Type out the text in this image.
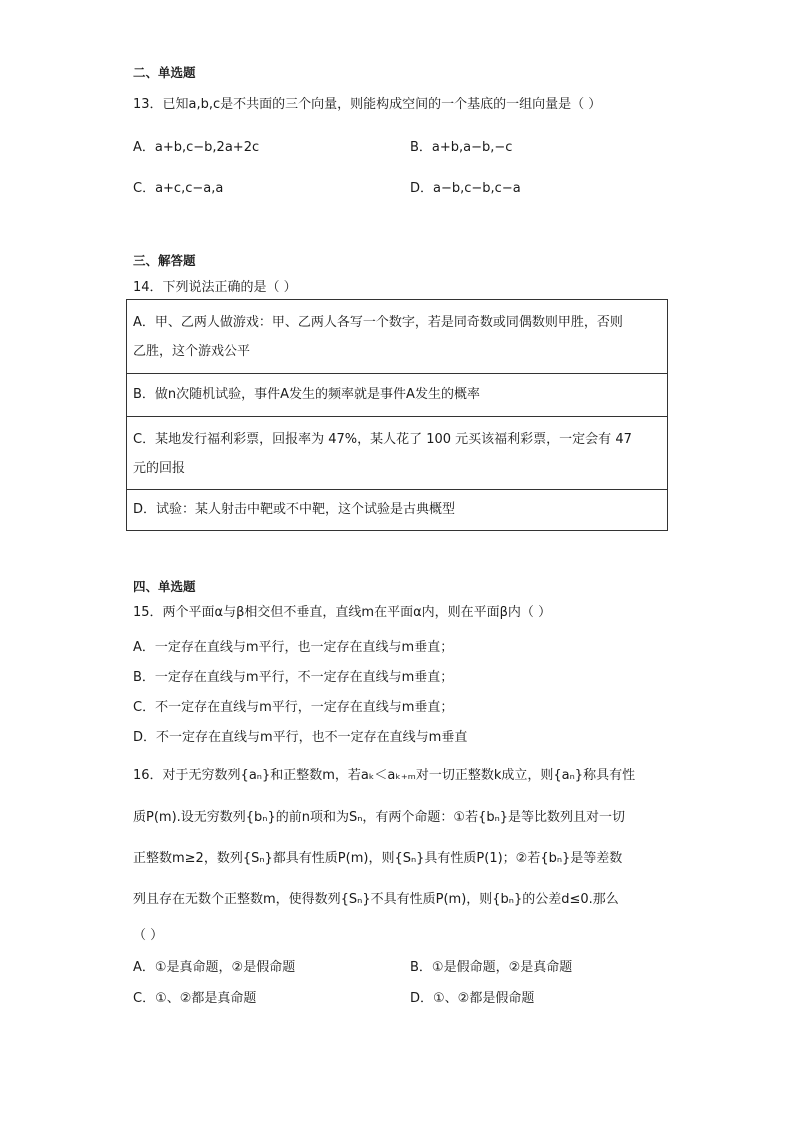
二、单选题
13．已知a,b,c是不共面的三个向量，则能构成空间的一个基底的一组向量是（ ）
A．a+b,c−b,2a+2c	B．a+b,a−b,−c
C．a+c,c−a,a	D．a−b,c−b,c−a
三、解答题
14．下列说法正确的是（ ）
A．甲、乙两人做游戏：甲、乙两人各写一个数字，若是同奇数或同偶数则甲胜，否则
乙胜，这个游戏公平
B．做n次随机试验，事件A发生的频率就是事件A发生的概率
C．某地发行福利彩票，回报率为 47%，某人花了 100 元买该福利彩票，一定会有 47
元的回报
D．试验：某人射击中靶或不中靶，这个试验是古典概型
四、单选题
15．两个平面α与β相交但不垂直，直线m在平面α内，则在平面β内（ ）
A．一定存在直线与m平行，也一定存在直线与m垂直；
B．一定存在直线与m平行，不一定存在直线与m垂直；
C．不一定存在直线与m平行，一定存在直线与m垂直；
D．不一定存在直线与m平行，也不一定存在直线与m垂直
16．对于无穷数列{aₙ}和正整数m，若aₖ＜aₖ₊ₘ对一切正整数k成立，则{aₙ}称具有性
质P(m).设无穷数列{bₙ}的前n项和为Sₙ，有两个命题：①若{bₙ}是等比数列且对一切
正整数m≥2，数列{Sₙ}都具有性质P(m)，则{Sₙ}具有性质P(1)；②若{bₙ}是等差数
列且存在无数个正整数m，使得数列{Sₙ}不具有性质P(m)，则{bₙ}的公差d≤0.那么
（ ）
A．①是真命题，②是假命题	B．①是假命题，②是真命题
C．①、②都是真命题	D．①、②都是假命题
